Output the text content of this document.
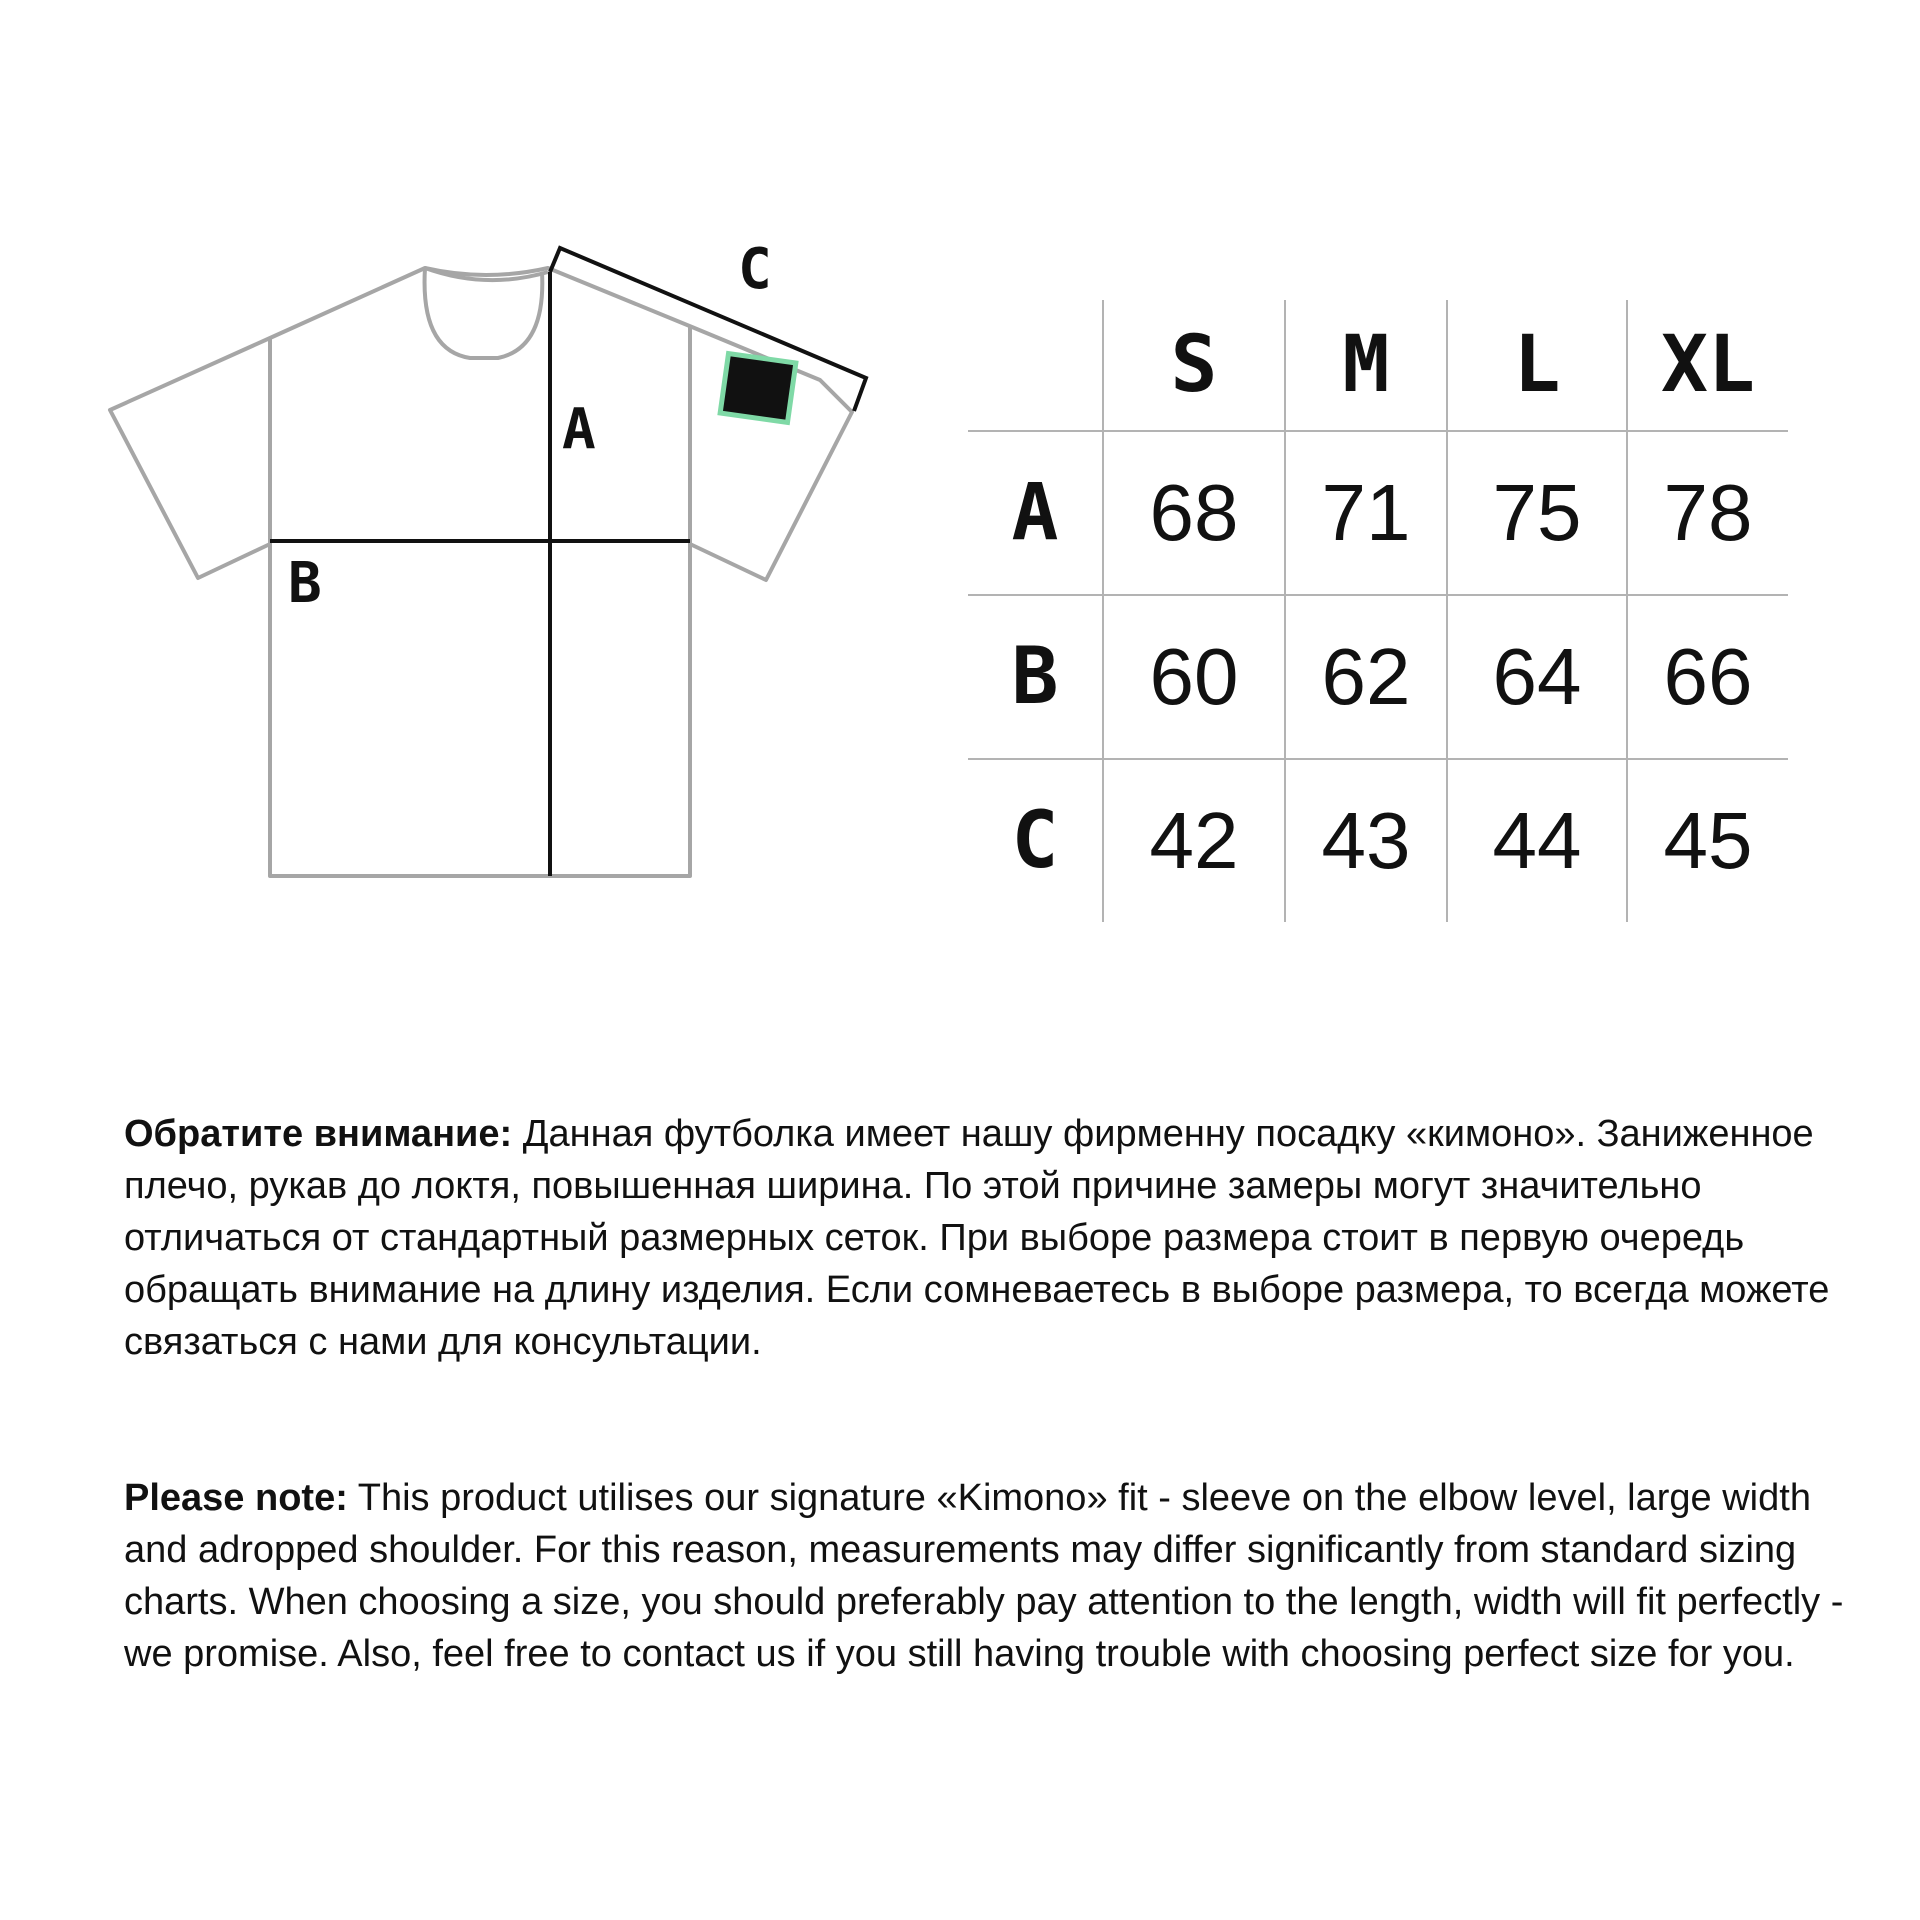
A
B
C
	S	M	L	XL
A	68	71	75	78
B	60	62	64	66
C	42	43	44	45

Обратите внимание: Данная футболка имеет нашу фирменну посадку «кимоно». Заниженное плечо, рукав до локтя, повышенная ширина. По этой причине замеры могут значительно отличаться от стандартный размерных сеток. При выборе размера стоит в первую очередь обращать внимание на длину изделия. Если сомневаетесь в выборе размера, то всегда можете связаться с нами для консультации.

Please note: This product utilises our signature «Kimono» fit - sleeve on the elbow level, large width and adropped shoulder. For this reason, measurements may differ significantly from standard sizing charts. When choosing a size, you should preferably pay attention to the length, width will fit perfectly - we promise. Also, feel free to contact us if you still having trouble with choosing perfect size for you.
